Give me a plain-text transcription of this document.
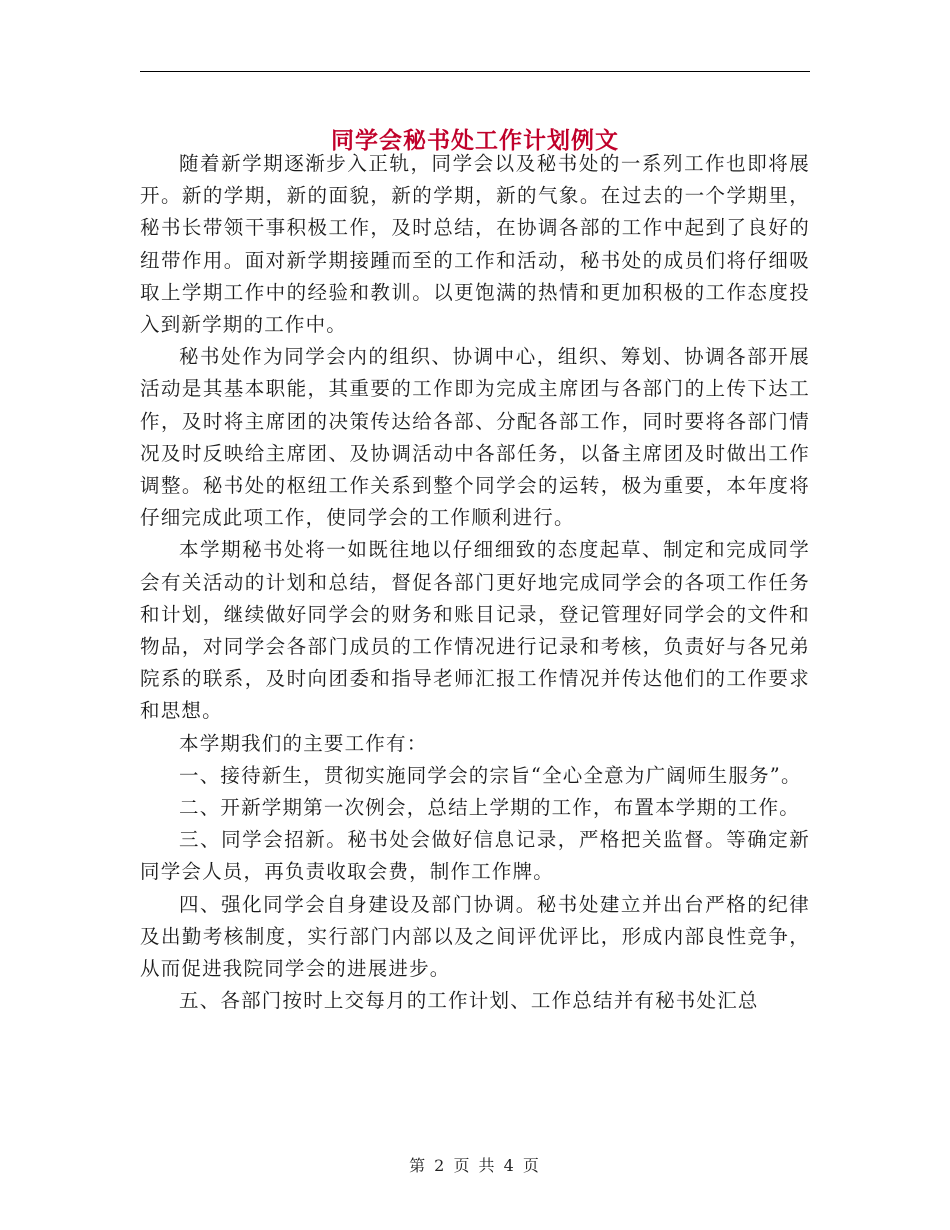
同学会秘书处工作计划例文

随着新学期逐渐步入正轨，同学会以及秘书处的一系列工作也即将展开。新的学期，新的面貌，新的学期，新的气象。在过去的一个学期里，秘书长带领干事积极工作，及时总结，在协调各部的工作中起到了良好的纽带作用。面对新学期接踵而至的工作和活动，秘书处的成员们将仔细吸取上学期工作中的经验和教训。以更饱满的热情和更加积极的工作态度投入到新学期的工作中。

秘书处作为同学会内的组织、协调中心，组织、筹划、协调各部开展活动是其基本职能，其重要的工作即为完成主席团与各部门的上传下达工作，及时将主席团的决策传达给各部、分配各部工作，同时要将各部门情况及时反映给主席团、及协调活动中各部任务，以备主席团及时做出工作调整。秘书处的枢纽工作关系到整个同学会的运转，极为重要，本年度将仔细完成此项工作，使同学会的工作顺利进行。

本学期秘书处将一如既往地以仔细细致的态度起草、制定和完成同学会有关活动的计划和总结，督促各部门更好地完成同学会的各项工作任务和计划，继续做好同学会的财务和账目记录，登记管理好同学会的文件和物品，对同学会各部门成员的工作情况进行记录和考核，负责好与各兄弟院系的联系，及时向团委和指导老师汇报工作情况并传达他们的工作要求和思想。

本学期我们的主要工作有：

一、接待新生，贯彻实施同学会的宗旨“全心全意为广阔师生服务”。

二、开新学期第一次例会，总结上学期的工作，布置本学期的工作。

三、同学会招新。秘书处会做好信息记录，严格把关监督。等确定新同学会人员，再负责收取会费，制作工作牌。

四、强化同学会自身建设及部门协调。秘书处建立并出台严格的纪律及出勤考核制度，实行部门内部以及之间评优评比，形成内部良性竞争，从而促进我院同学会的进展进步。

五、各部门按时上交每月的工作计划、工作总结并有秘书处汇总

第 2 页 共 4 页
